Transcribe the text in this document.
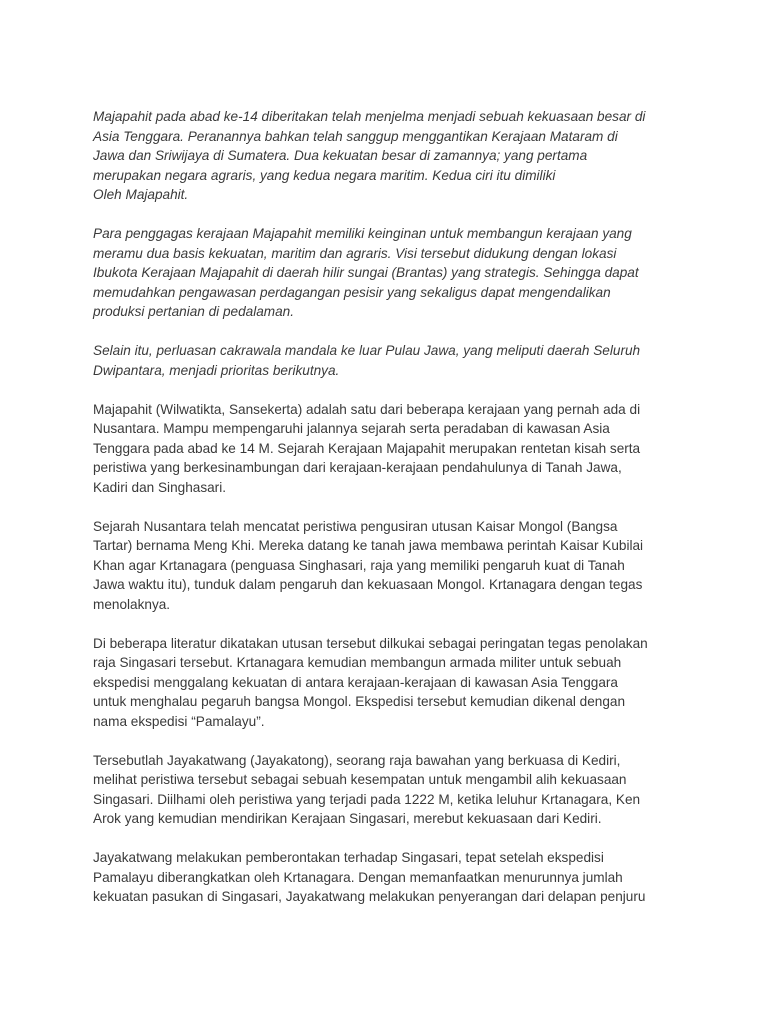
Majapahit pada abad ke-14 diberitakan telah menjelma menjadi sebuah kekuasaan besar di
Asia Tenggara. Peranannya bahkan telah sanggup menggantikan Kerajaan Mataram di
Jawa dan Sriwijaya di Sumatera. Dua kekuatan besar di zamannya; yang pertama
merupakan negara agraris, yang kedua negara maritim. Kedua ciri itu dimiliki
Oleh Majapahit.
Para penggagas kerajaan Majapahit memiliki keinginan untuk membangun kerajaan yang
meramu dua basis kekuatan, maritim dan agraris. Visi tersebut didukung dengan lokasi
Ibukota Kerajaan Majapahit di daerah hilir sungai (Brantas) yang strategis. Sehingga dapat
memudahkan pengawasan perdagangan pesisir yang sekaligus dapat mengendalikan
produksi pertanian di pedalaman.
Selain itu, perluasan cakrawala mandala ke luar Pulau Jawa, yang meliputi daerah Seluruh
Dwipantara, menjadi prioritas berikutnya.
Majapahit (Wilwatikta, Sansekerta) adalah satu dari beberapa kerajaan yang pernah ada di
Nusantara. Mampu mempengaruhi jalannya sejarah serta peradaban di kawasan Asia
Tenggara pada abad ke 14 M. Sejarah Kerajaan Majapahit merupakan rentetan kisah serta
peristiwa yang berkesinambungan dari kerajaan-kerajaan pendahulunya di Tanah Jawa,
Kadiri dan Singhasari.
Sejarah Nusantara telah mencatat peristiwa pengusiran utusan Kaisar Mongol (Bangsa
Tartar) bernama Meng Khi. Mereka datang ke tanah jawa membawa perintah Kaisar Kubilai
Khan agar Krtanagara (penguasa Singhasari, raja yang memiliki pengaruh kuat di Tanah
Jawa waktu itu), tunduk dalam pengaruh dan kekuasaan Mongol. Krtanagara dengan tegas
menolaknya.
Di beberapa literatur dikatakan utusan tersebut dilkukai sebagai peringatan tegas penolakan
raja Singasari tersebut. Krtanagara kemudian membangun armada militer untuk sebuah
ekspedisi menggalang kekuatan di antara kerajaan-kerajaan di kawasan Asia Tenggara
untuk menghalau pegaruh bangsa Mongol. Ekspedisi tersebut kemudian dikenal dengan
nama ekspedisi “Pamalayu”.
Tersebutlah Jayakatwang (Jayakatong), seorang raja bawahan yang berkuasa di Kediri,
melihat peristiwa tersebut sebagai sebuah kesempatan untuk mengambil alih kekuasaan
Singasari. Diilhami oleh peristiwa yang terjadi pada 1222 M, ketika leluhur Krtanagara, Ken
Arok yang kemudian mendirikan Kerajaan Singasari, merebut kekuasaan dari Kediri.
Jayakatwang melakukan pemberontakan terhadap Singasari, tepat setelah ekspedisi
Pamalayu diberangkatkan oleh Krtanagara. Dengan memanfaatkan menurunnya jumlah
kekuatan pasukan di Singasari, Jayakatwang melakukan penyerangan dari delapan penjuru
